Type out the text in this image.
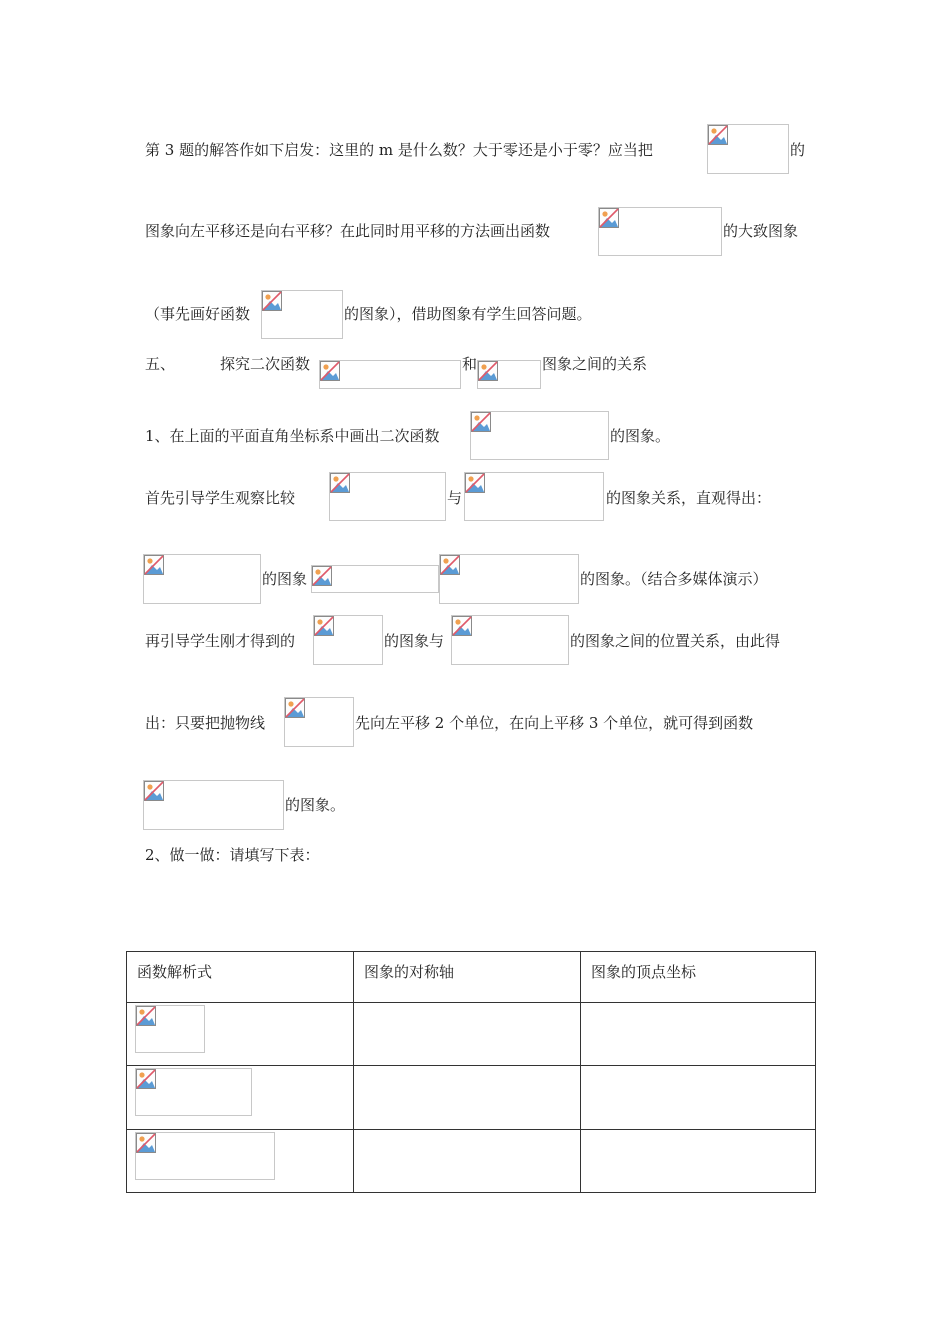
第 3 题的解答作如下启发：这里的 m 是什么数？大于零还是小于零？应当把	的
图象向左平移还是向右平移？在此同时用平移的方法画出函数	的大致图象
（事先画好函数	的图象），借助图象有学生回答问题。
五、	探究二次函数	和	图象之间的关系
1、在上面的平面直角坐标系中画出二次函数	的图象。
首先引导学生观察比较	与	的图象关系，直观得出：
的图象	的图象。（结合多媒体演示）
再引导学生刚才得到的	的图象与	的图象之间的位置关系，由此得
出：只要把抛物线	先向左平移 2 个单位，在向上平移 3 个单位，就可得到函数
的图象。
2、做一做：请填写下表：
函数解析式	图象的对称轴	图象的顶点坐标
